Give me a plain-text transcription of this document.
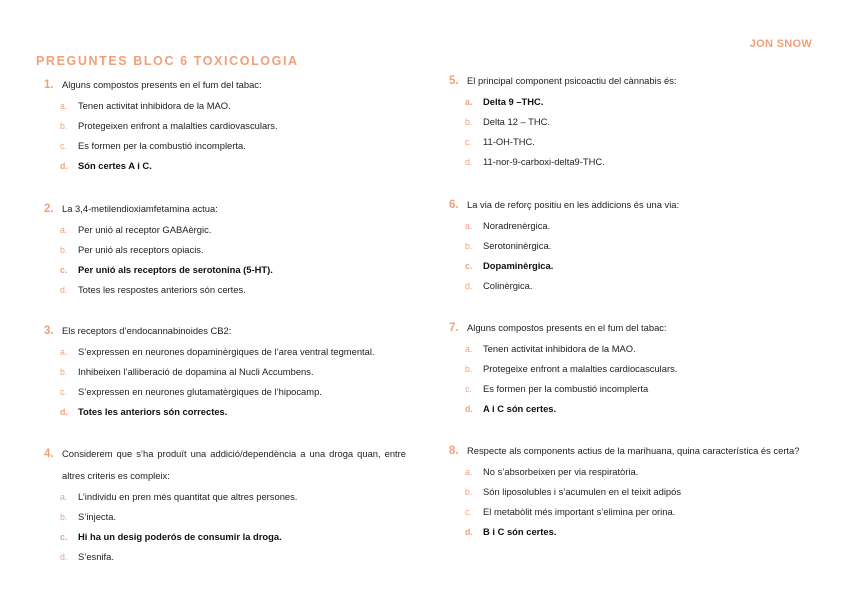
JON SNOW
PREGUNTES BLOC 6 TOXICOLOGIA
1. Alguns compostos presents en el fum del tabac:
a.	Tenen activitat inhibidora de la MAO.
b.	Protegeixen enfront a malalties cardiovasculars.
c.	Es formen per la combustió incomplerta.
d.	Són certes A i C.
2. La 3,4-metilendioxiamfetamina actua:
a.	Per unió al receptor GABAèrgic.
b.	Per unió als receptors opiacis.
c.	Per unió als receptors de serotonina (5-HT).
d.	Totes les respostes anteriors són certes.
3. Els receptors d’endocannabinoides CB2:
a.	S’expressen en neurones dopaminèrgiques de l’area ventral tegmental.
b.	Inhibeixen l’alliberació de dopamina al Nucli Accumbens.
c.	S’expressen en neurones glutamatèrgiques de l’hipocamp.
d.	Totes les anteriors són correctes.
4. Considerem que s’ha produït una addició/dependència a una droga quan, entre altres criteris es compleix:
a.	L’individu en pren més quantitat que altres persones.
b.	S’injecta.
c.	Hi ha un desig poderós de consumir la droga.
d.	S’esnifa.
5. El principal component psicoactiu del cànnabis és:
a.	Delta 9 –THC.
b.	Delta 12 – THC.
c.	11-OH-THC.
d.	11-nor-9-carboxi-delta9-THC.
6. La via de reforç positiu en les addicions és una via:
a.	Noradrenèrgica.
b.	Serotoninèrgica.
c.	Dopaminèrgica.
d.	Colinèrgica.
7. Alguns compostos presents en el fum del tabac:
a.	Tenen activitat inhibidora de la MAO.
b.	Protegeixe enfront a malalties cardiocasculars.
c.	Es formen per la combustió incomplerta
d.	A i C són certes.
8. Respecte als components actius de la marihuana, quina característica és certa?
a.	No s’absorbeixen per via respiratòria.
b.	Són liposolubles i s’acumulen en el teixit adipós
c.	El metabòlit més important s’elimina per orina.
d.	B i C són certes.
